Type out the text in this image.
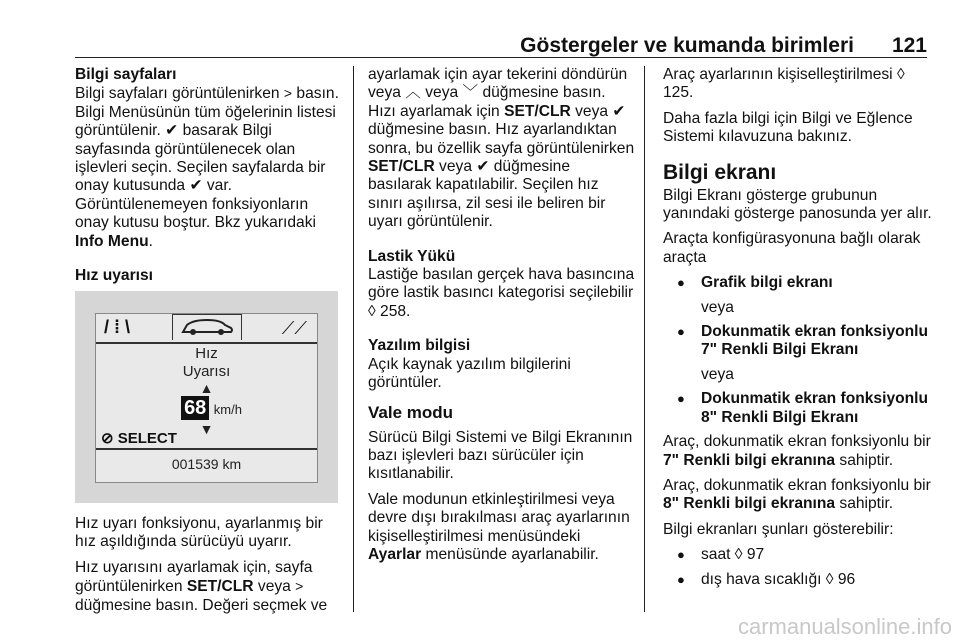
Göstergeler ve kumanda birimleri 121

Bilgi sayfaları

Bilgi sayfaları görüntülenirken > basın. Bilgi Menüsünün tüm öğelerinin listesi görüntülenir. ✔ basarak Bilgi sayfasında görüntülenecek olan işlevleri seçin. Seçilen sayfalarda bir onay kutusunda ✔ var. Görüntülenemeyen fonksiyonların onay kutusu boştur. Bkz yukarıdaki Info Menu.

Hız uyarısı

/ ⁞ \	⟋⟋
Hız
Uyarısı
▲
68 km/h
▼
⊘ SELECT
001539 km

Hız uyarı fonksiyonu, ayarlanmış bir hız aşıldığında sürücüyü uyarır.

Hız uyarısını ayarlamak için, sayfa görüntülenirken SET/CLR veya > düğmesine basın. Değeri seçmek ve

ayarlamak için ayar tekerini döndürün veya ︿ veya ﹀ düğmesine basın. Hızı ayarlamak için SET/CLR veya ✔ düğmesine basın. Hız ayarlandıktan sonra, bu özellik sayfa görüntülenirken SET/CLR veya ✔ düğmesine basılarak kapatılabilir. Seçilen hız sınırı aşılırsa, zil sesi ile beliren bir uyarı görüntülenir.

Lastik Yükü

Lastiğe basılan gerçek hava basıncına göre lastik basıncı kategorisi seçilebilir ◊ 258.

Yazılım bilgisi

Açık kaynak yazılım bilgilerini görüntüler.

Vale modu

Sürücü Bilgi Sistemi ve Bilgi Ekranının bazı işlevleri bazı sürücüler için kısıtlanabilir.

Vale modunun etkinleştirilmesi veya devre dışı bırakılması araç ayarlarının kişiselleştirilmesi menüsündeki Ayarlar menüsünde ayarlanabilir.

Araç ayarlarının kişiselleştirilmesi ◊ 125.

Daha fazla bilgi için Bilgi ve Eğlence Sistemi kılavuzuna bakınız.

Bilgi ekranı

Bilgi Ekranı gösterge grubunun yanındaki gösterge panosunda yer alır.

Araçta konfigürasyonuna bağlı olarak araçta

● Grafik bilgi ekranı
veya
● Dokunmatik ekran fonksiyonlu 7" Renkli Bilgi Ekranı
veya
● Dokunmatik ekran fonksiyonlu 8" Renkli Bilgi Ekranı

Araç, dokunmatik ekran fonksiyonlu bir 7" Renkli bilgi ekranına sahiptir.

Araç, dokunmatik ekran fonksiyonlu bir 8" Renkli bilgi ekranına sahiptir.

Bilgi ekranları şunları gösterebilir:

● saat ◊ 97
● dış hava sıcaklığı ◊ 96
carmanualsonline.info
